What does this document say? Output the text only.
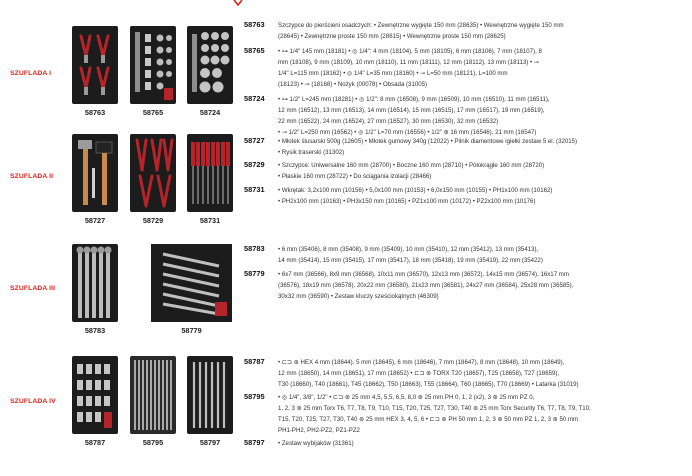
SZUFLADA I
SZUFLADA II
SZUFLADA III
SZUFLADA IV
58763	58765	58724
58727	58729	58731
58783	58779
58787	58795	58797
58763 Szczypce do pierścieni osadczych: • Zewnętrzne wygięte 150 mm (28635) • Wewnętrzne wygięte 150 mm
(28645) • Zewnętrzne proste 150 mm (28615) • Wewnętrzne proste 150 mm (28625)
58765 • ⊶ 1/4" 145 mm (18181) • ◎ 1/4": 4 mm (18104), 5 mm (18105), 6 mm (18106), 7 mm (18107), 8
mm (18108), 9 mm (18109), 10 mm (18110), 11 mm (18111), 12 mm (18112), 13 mm (18113) • ⊸
1/4" L=115 mm (18162) • ◎ 1/4" L=35 mm (18160) • ⊸ L=50 mm (18121), L=100 mm
(18123) • ⊸ (18168) • Nożyk (00078) • Obsada (31005)
58724 • ⊶ 1/2" L=245 mm (18281) • ◎ 1/2": 8 mm (16508), 9 mm (16509), 10 mm (16510), 11 mm (16511),
12 mm (16512), 13 mm (16513), 14 mm (16514), 15 mm (16515), 17 mm (16517), 19 mm (16519),
22 mm (16522), 24 mm (16524), 27 mm (16527), 30 mm (16530), 32 mm (16532)
• ⊸ 1/2" L=250 mm (16562) • ◎ 1/2" L=70 mm (16556) • 1/2" ⊛ 16 mm (16546), 21 mm (16547)
58727 • Młotek ślusarski 500g (12605) • Młotek gumowy 340g (12022) • Pilnik diamentowe igiełki zestaw 5 el. (32015)
• Rysik traserski (31302)
58729 • Szczypce: Uniwersalne 160 mm (28700) • Boczne 160 mm (28710) • Półokrągłe 160 mm (28720)
• Płaskie 160 mm (28722) • Do ściągania izolacji (28466)
58731 • Wkrętak: 3,2x100 mm (10156) • 5,0x100 mm (10153) • 6,0x150 mm (10155) • PH1x100 mm (10162)
• PH2x100 mm (10163) • PH3x150 mm (10165) • PZ1x100 mm (10172) • PZ2x100 mm (10176)
58783 • 6 mm (35406), 8 mm (35408), 9 mm (35409), 10 mm (35410), 12 mm (35412), 13 mm (35413),
14 mm (35414), 15 mm (35415), 17 mm (35417), 18 mm (35418), 19 mm (35419), 22 mm (35422)
58779 • 6x7 mm (36566), 8x9 mm (36568), 10x11 mm (36570), 12x13 mm (36572), 14x15 mm (36574), 16x17 mm
(36576), 18x19 mm (36578), 20x22 mm (36580), 21x23 mm (36581), 24x27 mm (36584), 25x28 mm (36585),
30x32 mm (36590) • Zestaw kluczy sześciokątnych (46309)
58787 • ⊏⊐ ⊛ HEX 4 mm (18644), 5 mm (18645), 6 mm (18646), 7 mm (18647), 8 mm (18648), 10 mm (18649),
12 mm (18650), 14 mm (18651), 17 mm (18652) • ⊏⊐ ⊛ TORX T20 (18657), T25 (18658), T27 (18659),
T30 (18660), T40 (18661), T45 (18662), T50 (18663), T55 (18664), T60 (18665), T70 (18669) • Latarka (31019)
58795 • ◎ 1/4", 3/8", 1/2" • ⊏⊐ ⊛ 25 mm 4,5, 5,5, 6,5, 8,0 ⊛ 25 mm PH 0, 1, 2 (x2), 3 ⊛ 25 mm PZ 0,
1, 2, 3 ⊛ 25 mm Torx T6, T7, T8, T9, T10, T15, T20, T25, T27, T30, T40 ⊛ 25 mm Torx Security T6, T7, T8, T9, T10,
T15, T20, T25, T27, T30, T40 ⊛ 25 mm HEX 3, 4, 5, 6 • ⊏⊐ ⊛ PH 50 mm 1, 2, 3 ⊛ 50 mm PZ 1, 2, 3 ⊛ 50 mm
PH1-PH2, PH2-PZ2, PZ1-PZ2
58797 • Zestaw wybijaków (31361)
